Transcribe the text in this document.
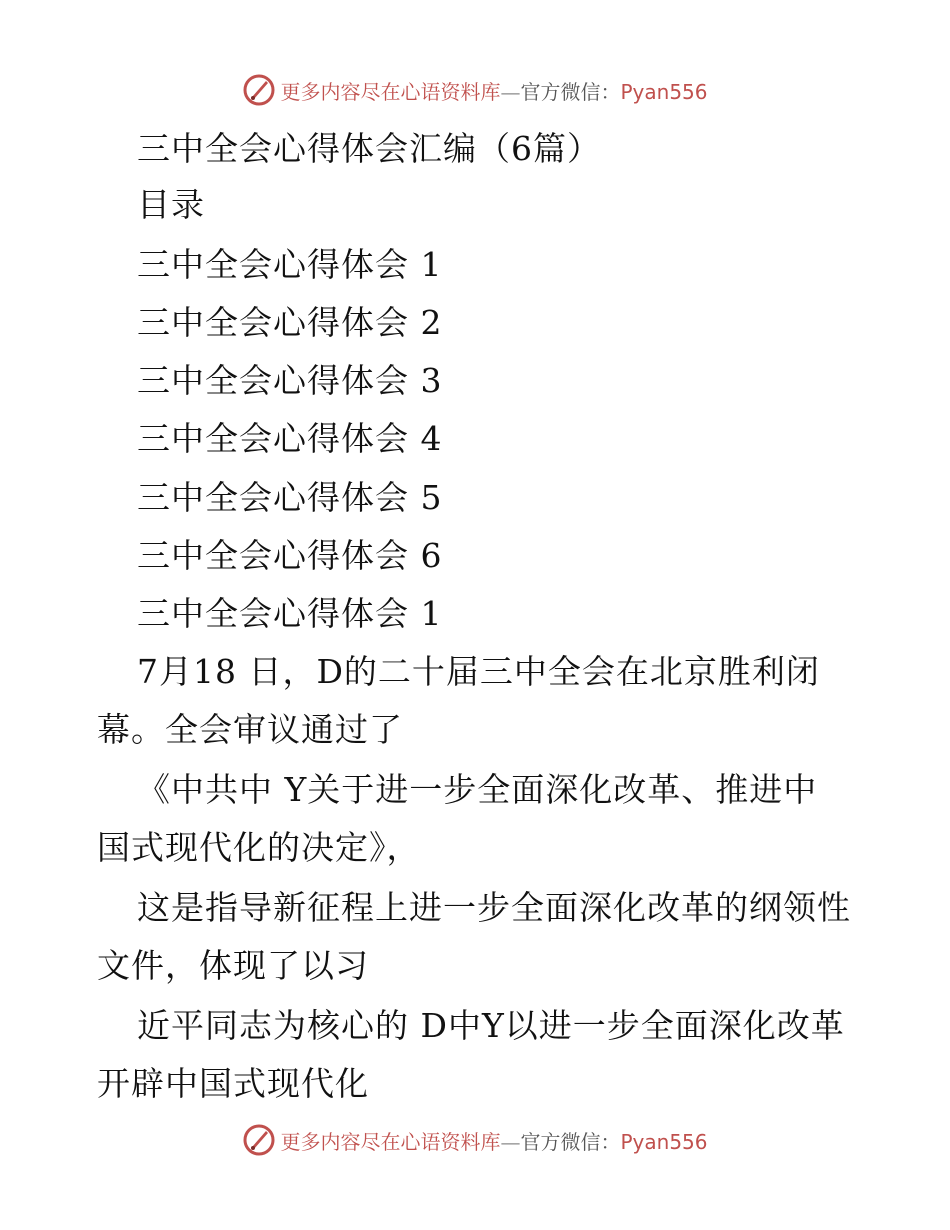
更多内容尽在心语资料库—官方微信：Pyan556
三中全会心得体会汇编（6篇）
目录
三中全会心得体会 1
三中全会心得体会 2
三中全会心得体会 3
三中全会心得体会 4
三中全会心得体会 5
三中全会心得体会 6
三中全会心得体会 1
7月18 日，D的二十届三中全会在北京胜利闭
幕。全会审议通过了
《中共中 Y关于进一步全面深化改革、推进中
国式现代化的决定》，
这是指导新征程上进一步全面深化改革的纲领性
文件，体现了以习
近平同志为核心的 D中Y以进一步全面深化改革
开辟中国式现代化
更多内容尽在心语资料库—官方微信：Pyan556
